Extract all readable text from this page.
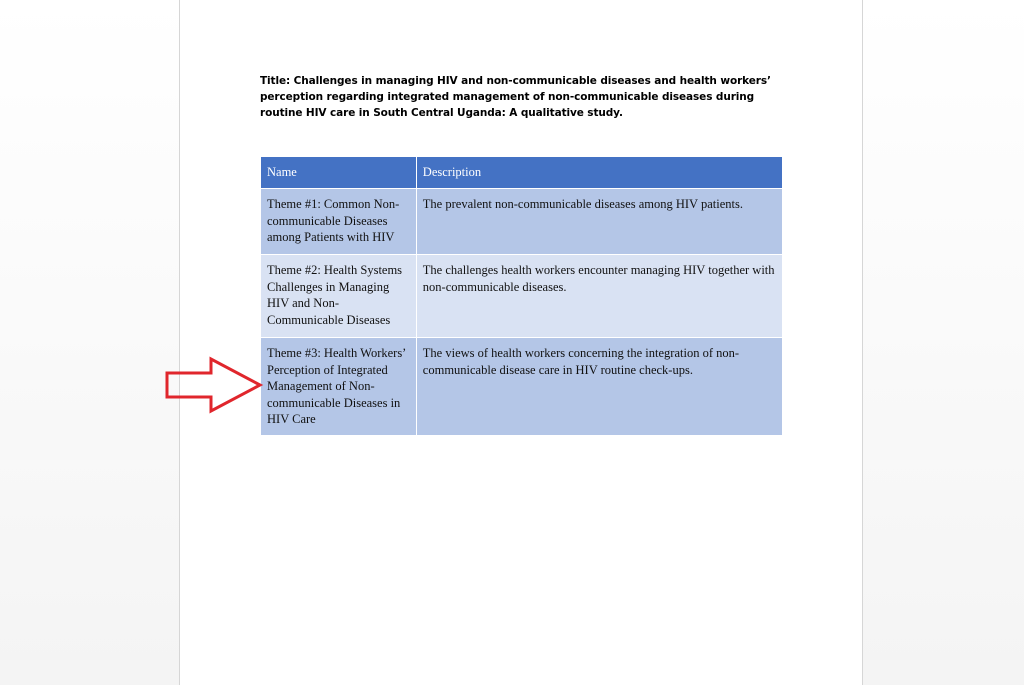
Title: Challenges in managing HIV and non-communicable diseases and health workers’ perception regarding integrated management of non-communicable diseases during routine HIV care in South Central Uganda: A qualitative study.
Name	Description
Theme #1: Common Non-communicable Diseases among Patients with HIV	The prevalent non-communicable diseases among HIV patients.
Theme #2: Health Systems Challenges in Managing HIV and Non-Communicable Diseases	The challenges health workers encounter managing HIV together with non-communicable diseases.
Theme #3: Health Workers’ Perception of Integrated Management of Non-communicable Diseases in HIV Care	The views of health workers concerning the integration of non-communicable disease care in HIV routine check-ups.
